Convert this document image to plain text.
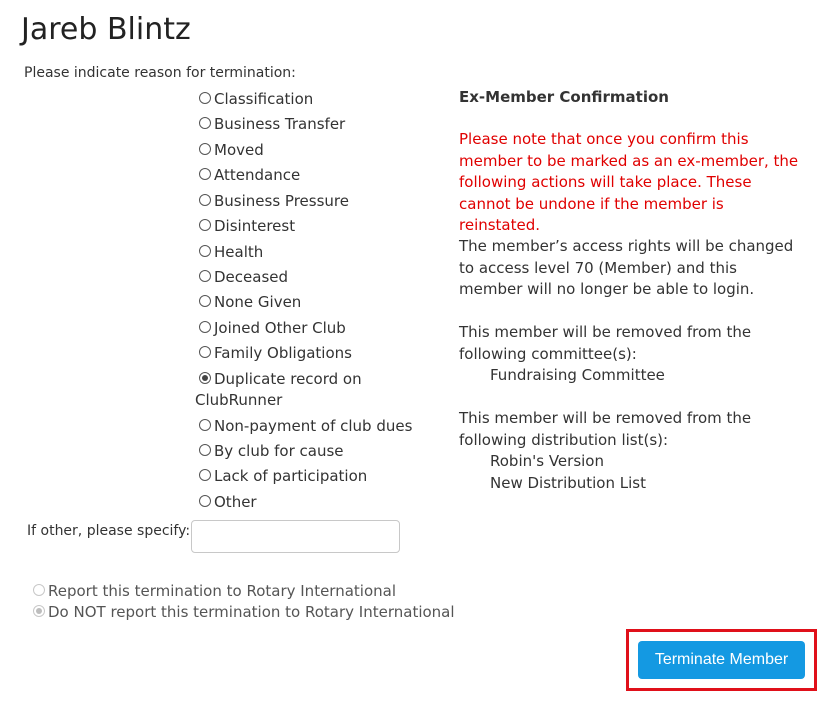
Jareb Blintz
Please indicate reason for termination:
Classification
Business Transfer
Moved
Attendance
Business Pressure
Disinterest
Health
Deceased
None Given
Joined Other Club
Family Obligations
Duplicate record on ClubRunner
Non-payment of club dues
By club for cause
Lack of participation
Other
If other, please specify:
Report this termination to Rotary International
Do NOT report this termination to Rotary International
Ex-Member Confirmation
Please note that once you confirm this member to be marked as an ex-member, the following actions will take place. These cannot be undone if the member is reinstated.
The member’s access rights will be changed to access level 70 (Member) and this member will no longer be able to login.
This member will be removed from the following committee(s):
Fundraising Committee
This member will be removed from the following distribution list(s):
Robin's Version
New Distribution List
Terminate Member
